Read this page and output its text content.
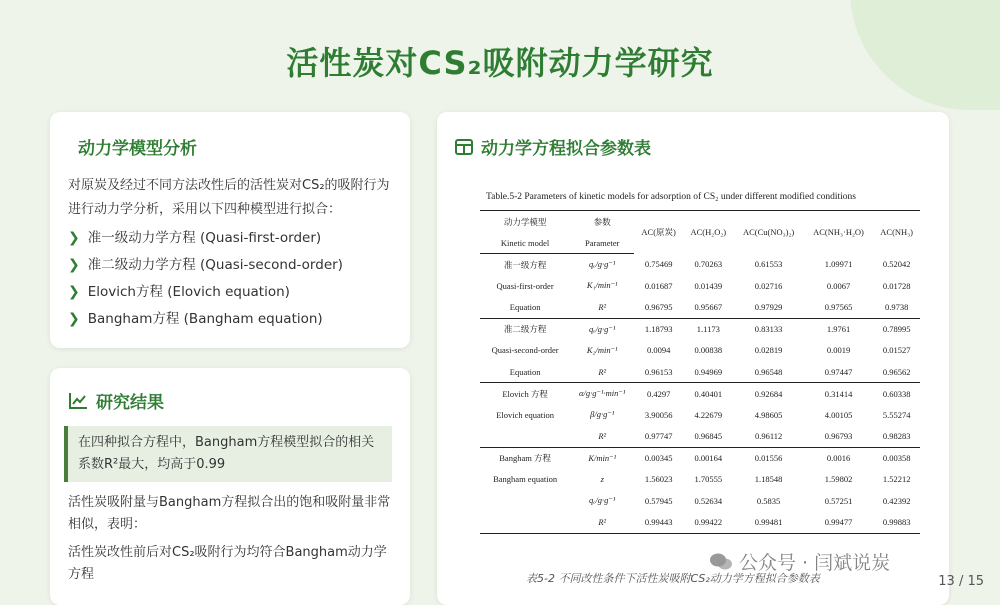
活性炭对CS₂吸附动力学研究
动力学模型分析

对原炭及经过不同方法改性后的活性炭对CS₂的吸附行为进行动力学分析，采用以下四种模型进行拟合：

❯ 准一级动力学方程 (Quasi-first-order)
❯ 准二级动力学方程 (Quasi-second-order)
❯ Elovich方程 (Elovich equation)
❯ Bangham方程 (Bangham equation)
研究结果
在四种拟合方程中，Bangham方程模型拟合的相关系数R²最大，均高于0.99

活性炭吸附量与Bangham方程拟合出的饱和吸附量非常相似，表明：

活性炭改性前后对CS₂吸附行为均符合Bangham动力学方程

动力学方程拟合参数表
Table.5-2 Parameters of kinetic models for adsorption of CS₂ under different modified conditions
动力学模型	参数	AC(原炭)	AC(H₂O₂)	AC(Cu(NO₃)₂)	AC(NH₃·H₂O)	AC(NH₃)
Kinetic model	Parameter					
准一级方程	qₑ/g·g⁻¹	0.75469	0.70263	0.61553	1.09971	0.52042
Quasi-first-order	K₁/min⁻¹	0.01687	0.01439	0.02716	0.0067	0.01728
Equation	R²	0.96795	0.95667	0.97929	0.97565	0.9738
准二级方程	qₑ/g·g⁻¹	1.18793	1.1173	0.83133	1.9761	0.78995
Quasi-second-order	K₂/min⁻¹	0.0094	0.00838	0.02819	0.0019	0.01527
Equation	R²	0.96153	0.94969	0.96548	0.97447	0.96562
Elovich 方程	α/g·g⁻¹·min⁻¹	0.4297	0.40401	0.92684	0.31414	0.60338
Elovich equation	β/g·g⁻¹	3.90056	4.22679	4.98605	4.00105	5.55274
	R²	0.97747	0.96845	0.96112	0.96793	0.98283
Bangham 方程	K/min⁻¹	0.00345	0.00164	0.01556	0.0016	0.00358
Bangham equation	z	1.56023	1.70555	1.18548	1.59802	1.52212
	qₑ/g·g⁻¹	0.57945	0.52634	0.5835	0.57251	0.42392
	R²	0.99443	0.99422	0.99481	0.99477	0.99883
公众号 · 闫斌说炭
表5-2 不同改性条件下活性炭吸附CS₂动力学方程拟合参数表	13 / 15
